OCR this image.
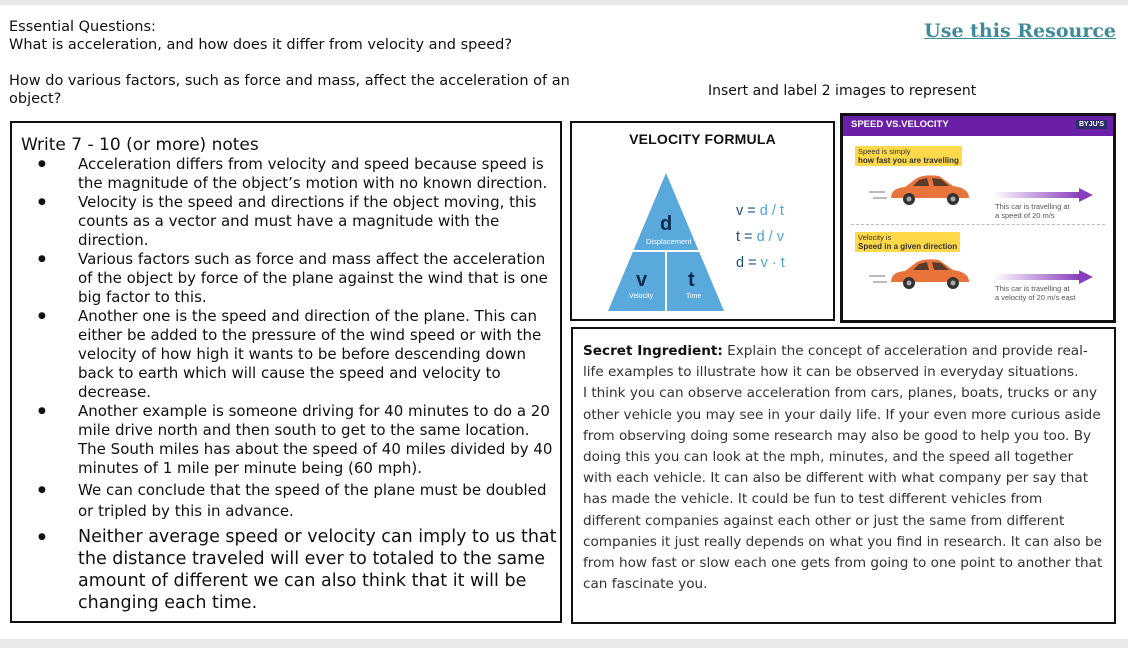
Essential Questions:

What is acceleration, and how does it differ from velocity and speed?

How do various factors, such as force and mass, affect the acceleration of an

object?

Use this Resource
Insert and label 2 images to represent
Write 7 - 10 (or more) notes
● Acceleration differs from velocity and speed because speed is the magnitude of the object’s motion with no known direction.
● Velocity is the speed and directions if the object moving, this counts as a vector and must have a magnitude with the direction.
● Various factors such as force and mass affect the acceleration of the object by force of the plane against the wind that is one big factor to this.
● Another one is the speed and direction of the plane. This can either be added to the pressure of the wind speed or with the velocity of how high it wants to be before descending down back to earth which will cause the speed and velocity to decrease.
● Another example is someone driving for 40 minutes to do a 20 mile drive north and then south to get to the same location. The South miles has about the speed of 40 miles divided by 40 minutes of 1 mile per minute being (60 mph).
● We can conclude that the speed of the plane must be doubled or tripled by this in advance.
● Neither average speed or velocity can imply to us that the distance traveled will ever to totaled to the same amount of different we can also think that it will be changing each time.
VELOCITY FORMULA
d
Displacement
v
Velocity
t
Time
v = d / t
t = d / v
d = v · t
SPEED VS.VELOCITY	BYJU'S
Speed is simply
how fast you are travelling
This car is travelling at
a speed of 20 m/s
Velocity is
Speed in a given direction
This car is travelling at
a velocity of 20 m/s east

Secret Ingredient: Explain the concept of acceleration and provide real-life examples to illustrate how it can be observed in everyday situations.
I think you can observe acceleration from cars, planes, boats, trucks or any other vehicle you may see in your daily life. If your even more curious aside from observing doing some research may also be good to help you too. By doing this you can look at the mph, minutes, and the speed all together with each vehicle. It can also be different with what company per say that has made the vehicle. It could be fun to test different vehicles from different companies against each other or just the same from different companies it just really depends on what you find in research. It can also be from how fast or slow each one gets from going to one point to another that can fascinate you.
